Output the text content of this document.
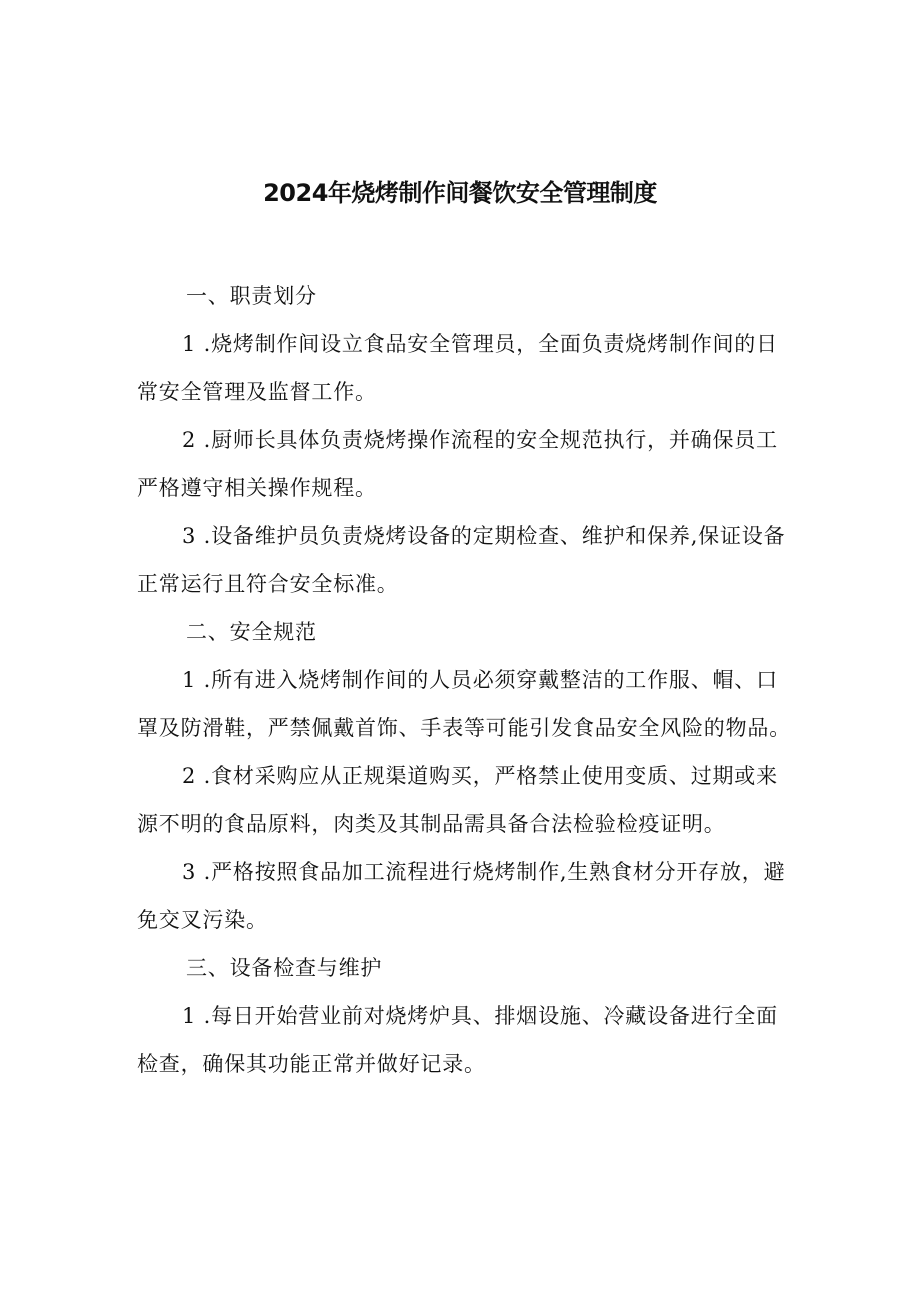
2024年烧烤制作间餐饮安全管理制度

一、职责划分

1 .烧烤制作间设立食品安全管理员，全面负责烧烤制作间的日常安全管理及监督工作。

2 .厨师长具体负责烧烤操作流程的安全规范执行，并确保员工严格遵守相关操作规程。

3 .设备维护员负责烧烤设备的定期检查、维护和保养,保证设备正常运行且符合安全标准。

二、安全规范

1 .所有进入烧烤制作间的人员必须穿戴整洁的工作服、帽、口罩及防滑鞋，严禁佩戴首饰、手表等可能引发食品安全风险的物品。

2 .食材采购应从正规渠道购买，严格禁止使用变质、过期或来源不明的食品原料，肉类及其制品需具备合法检验检疫证明。

3 .严格按照食品加工流程进行烧烤制作,生熟食材分开存放，避免交叉污染。

三、设备检查与维护

1 .每日开始营业前对烧烤炉具、排烟设施、冷藏设备进行全面检查，确保其功能正常并做好记录。
